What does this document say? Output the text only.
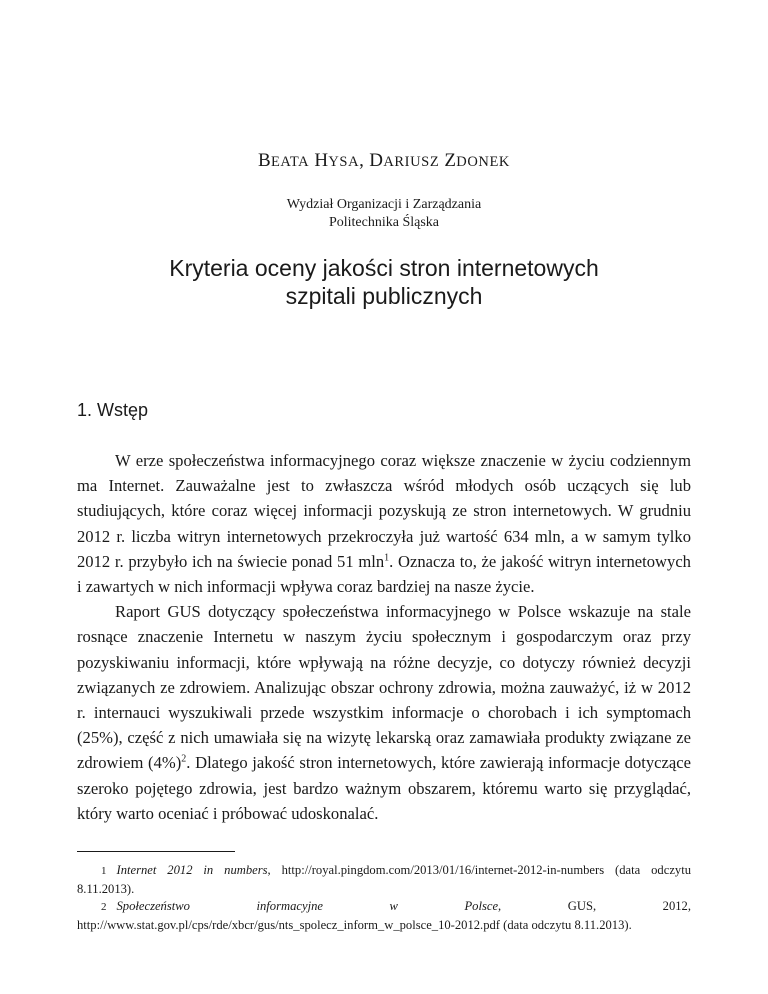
BEATA HYSA, DARIUSZ ZDONEK
Wydział Organizacji i Zarządzania
Politechnika Śląska
Kryteria oceny jakości stron internetowych
szpitali publicznych
1. Wstęp

W erze społeczeństwa informacyjnego coraz większe znaczenie w życiu codziennym ma Internet. Zauważalne jest to zwłaszcza wśród młodych osób uczących się lub studiujących, które coraz więcej informacji pozyskują ze stron internetowych. W grudniu 2012 r. liczba witryn internetowych przekroczyła już wartość 634 mln, a w samym tylko 2012 r. przybyło ich na świecie ponad 51 mln$^1$. Oznacza to, że jakość witryn internetowych i zawartych w nich informacji wpływa coraz bardziej na nasze życie.

Raport GUS dotyczący społeczeństwa informacyjnego w Polsce wskazuje na stale rosnące znaczenie Internetu w naszym życiu społecznym i gospodarczym oraz przy pozyskiwaniu informacji, które wpływają na różne decyzje, co dotyczy również decyzji związanych ze zdrowiem. Analizując obszar ochrony zdrowia, można zauważyć, iż w 2012 r. internauci wyszukiwali przede wszystkim informacje o chorobach i ich symptomach (25%), część z nich umawiała się na wizytę lekarską oraz zamawiała produkty związane ze zdrowiem $(4\%)^2$. Dlatego jakość stron internetowych, które zawierają informacje dotyczące szeroko pojętego zdrowia, jest bardzo ważnym obszarem, któremu warto się przyglądać, który warto oceniać i próbować udoskonalać.

1 Internet 2012 in numbers, http://royal.pingdom.com/2013/01/16/internet-2012-in-numbers (data odczytu 8.11.2013).

2 Społeczeństwo informacyjne w Polsce, GUS, 2012, http://www.stat.gov.pl/cps/rde/xbcr/gus/nts_spolecz_inform_w_polsce_10-2012.pdf (data odczytu 8.11.2013).
